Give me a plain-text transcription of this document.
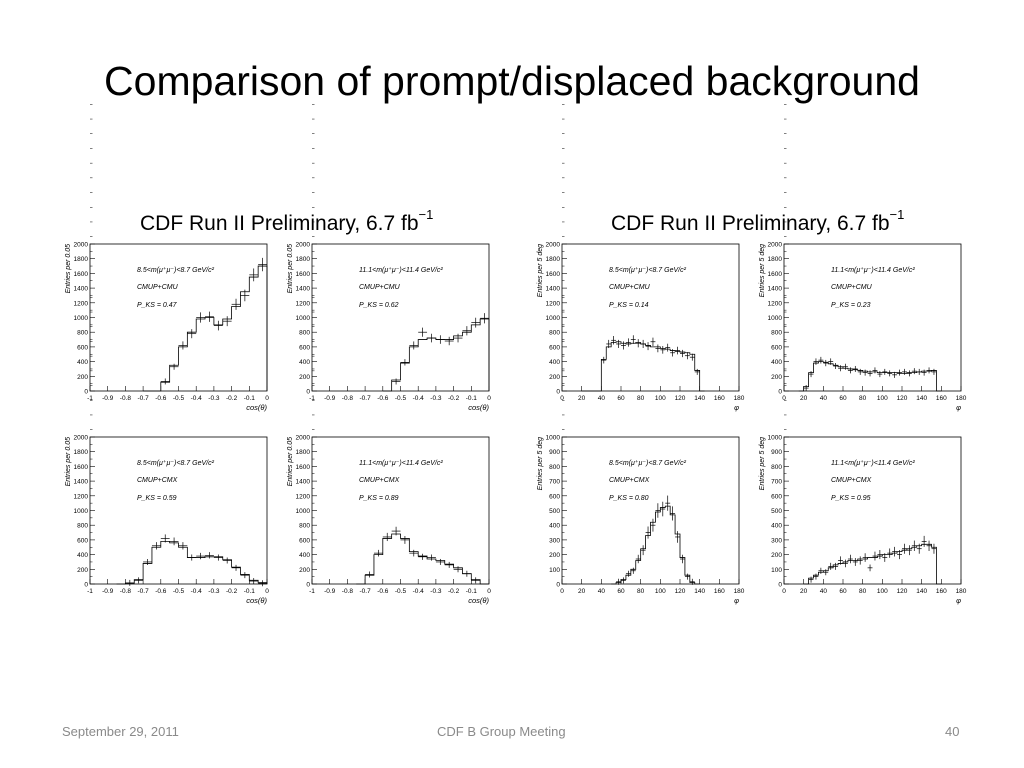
Comparison of prompt/displaced background
CDF Run II Preliminary, 6.7 $fb^{-1}$	CDF Run II Preliminary, 6.7 $fb^{-1}$
0
200
400
600
800
1000
1200
1400
1600
1800
2000
-1 -0.9 -0.8 -0.7 -0.6 -0.5 -0.4 -0.3 -0.2 -0.1 0
cos(θ)
Entries per 0.05	8.5<m(μ⁺μ⁻)<8.7 GeV/c²
CMUP+CMU
P_KS = 0.47
0
200
400
600
800
1000
1200
1400
1600
1800
2000
-1 -0.9 -0.8 -0.7 -0.6 -0.5 -0.4 -0.3 -0.2 -0.1 0
cos(θ)
Entries per 0.05	11.1<m(μ⁺μ⁻)<11.4 GeV/c²
CMUP+CMU
P_KS = 0.62
0
200
400
600
800
1000
1200
1400
1600
1800
2000
0 20 40 60 80 100 120 140 160 180
φ
Entries per 5 deg	8.5<m(μ⁺μ⁻)<8.7 GeV/c²
CMUP+CMU
P_KS = 0.14
0
200
400
600
800
1000
1200
1400
1600
1800
2000
0 20 40 60 80 100 120 140 160 180
φ
Entries per 5 deg	11.1<m(μ⁺μ⁻)<11.4 GeV/c²
CMUP+CMU
P_KS = 0.23
0
200
400
600
800
1000
1200
1400
1600
1800
2000
-1 -0.9 -0.8 -0.7 -0.6 -0.5 -0.4 -0.3 -0.2 -0.1 0
cos(θ)
Entries per 0.05	8.5<m(μ⁺μ⁻)<8.7 GeV/c²
CMUP+CMX
P_KS = 0.59
0
200
400
600
800
1000
1200
1400
1600
1800
2000
-1 -0.9 -0.8 -0.7 -0.6 -0.5 -0.4 -0.3 -0.2 -0.1 0
cos(θ)
Entries per 0.05	11.1<m(μ⁺μ⁻)<11.4 GeV/c²
CMUP+CMX
P_KS = 0.89
0
100
200
300
400
500
600
700
800
900
1000
0 20 40 60 80 100 120 140 160 180
φ
Entries per 5 deg	8.5<m(μ⁺μ⁻)<8.7 GeV/c²
CMUP+CMX
P_KS = 0.80
0
100
200
300
400
500
600
700
800
900
1000
0 20 40 60 80 100 120 140 160 180
φ
Entries per 5 deg	11.1<m(μ⁺μ⁻)<11.4 GeV/c²
CMUP+CMX
P_KS = 0.95
September 29, 2011	CDF B Group Meeting	40
